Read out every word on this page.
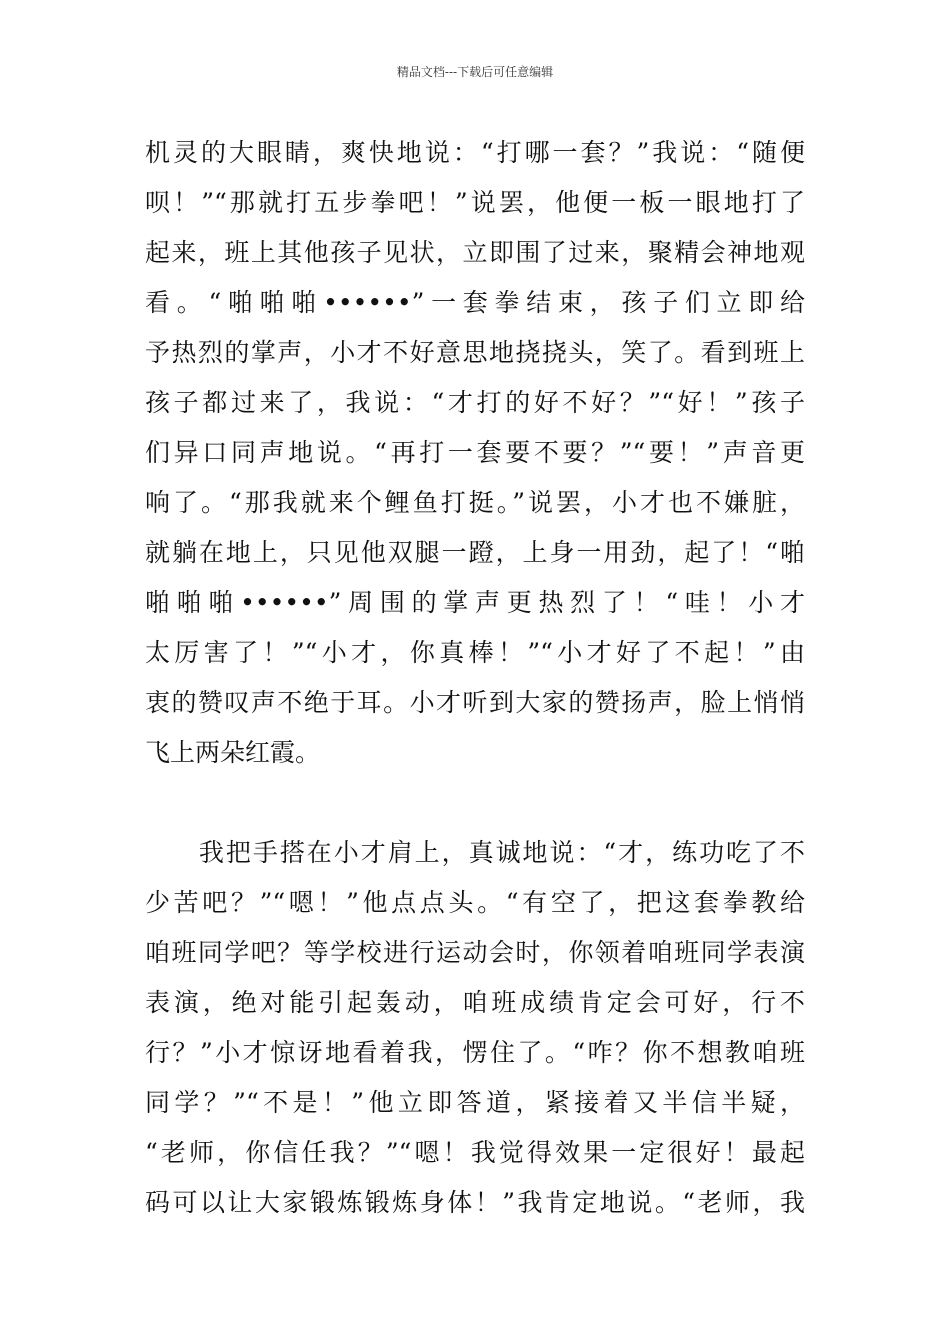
精品文档---下载后可任意编辑
机灵的大眼睛，爽快地说：“打哪一套？”我说：“随便
呗！”“那就打五步拳吧！”说罢，他便一板一眼地打了
起来，班上其他孩子见状，立即围了过来，聚精会神地观
看。“啪啪啪••••••”一套拳结束，孩子们立即给
予热烈的掌声，小才不好意思地挠挠头，笑了。看到班上
孩子都过来了，我说：“才打的好不好？”“好！”孩子
们异口同声地说。“再打一套要不要？”“要！”声音更
响了。“那我就来个鲤鱼打挺。”说罢，小才也不嫌脏，
就躺在地上，只见他双腿一蹬，上身一用劲，起了！“啪
啪啪啪••••••”周围的掌声更热烈了！“哇！小才
太厉害了！”“小才，你真棒！”“小才好了不起！”由
衷的赞叹声不绝于耳。小才听到大家的赞扬声，脸上悄悄
飞上两朵红霞。
　　我把手搭在小才肩上，真诚地说：“才，练功吃了不
少苦吧？”“嗯！”他点点头。“有空了，把这套拳教给
咱班同学吧？等学校进行运动会时，你领着咱班同学表演
表演，绝对能引起轰动，咱班成绩肯定会可好，行不
行？”小才惊讶地看着我，愣住了。“咋？你不想教咱班
同学？”“不是！”他立即答道，紧接着又半信半疑，
“老师，你信任我？”“嗯！我觉得效果一定很好！最起
码可以让大家锻炼锻炼身体！”我肯定地说。“老师，我
